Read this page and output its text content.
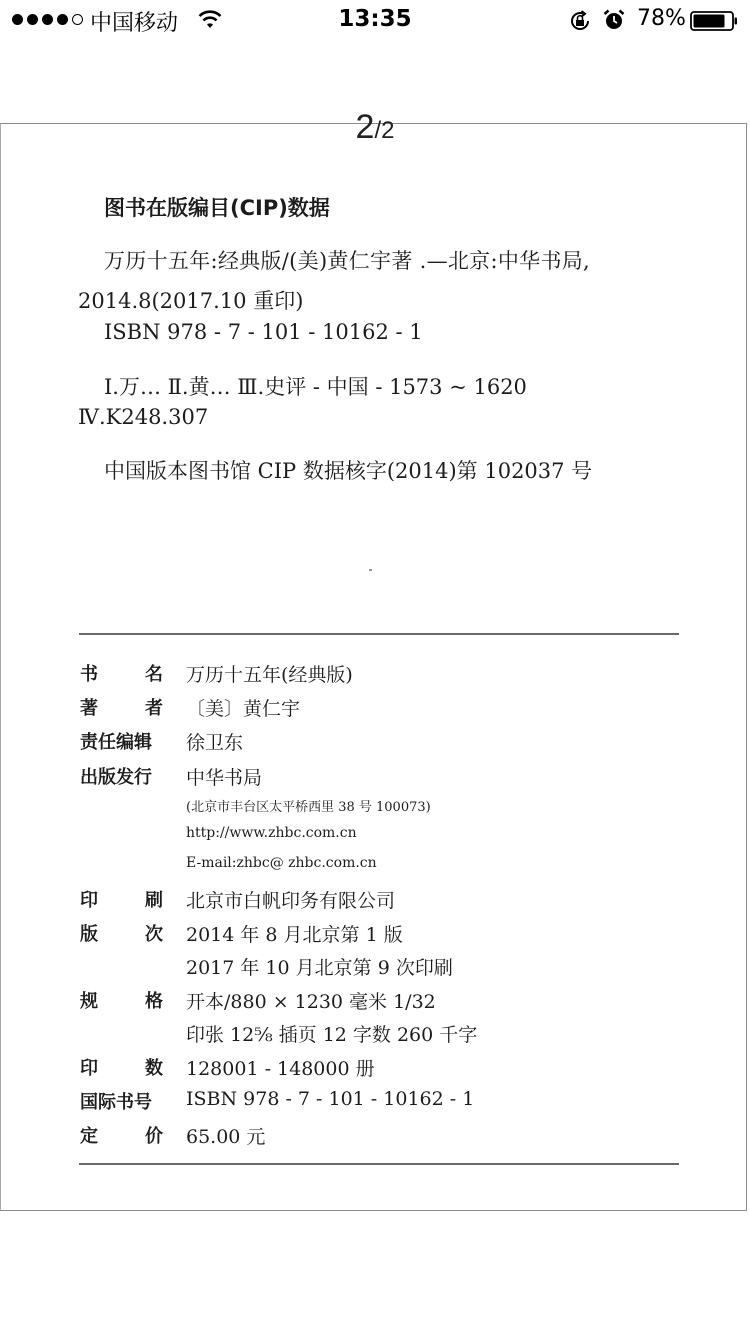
中国移动	13:35	78%
2/2
图书在版编目(CIP)数据
万历十五年:经典版/(美)黄仁宇著 .—北京:中华书局,
2014.8(2017.10 重印)
ISBN 978 - 7 - 101 - 10162 - 1
Ⅰ.万… Ⅱ.黄… Ⅲ.史评 - 中国 - 1573 ~ 1620
Ⅳ.K248.307
中国版本图书馆 CIP 数据核字(2014)第 102037 号
书	名 万历十五年(经典版)
著	者 〔美〕黄仁宇
责任编辑 徐卫东
出版发行 中华书局
(北京市丰台区太平桥西里 38 号 100073)
http://www.zhbc.com.cn
E-mail:zhbc@ zhbc.com.cn
印	刷 北京市白帆印务有限公司
版	次 2014 年 8 月北京第 1 版
2017 年 10 月北京第 9 次印刷
规	格 开本/880 × 1230 毫米 1/32
印张 12⅝ 插页 12 字数 260 千字
印	数 128001 - 148000 册
国际书号 ISBN 978 - 7 - 101 - 10162 - 1
定	价 65.00 元
